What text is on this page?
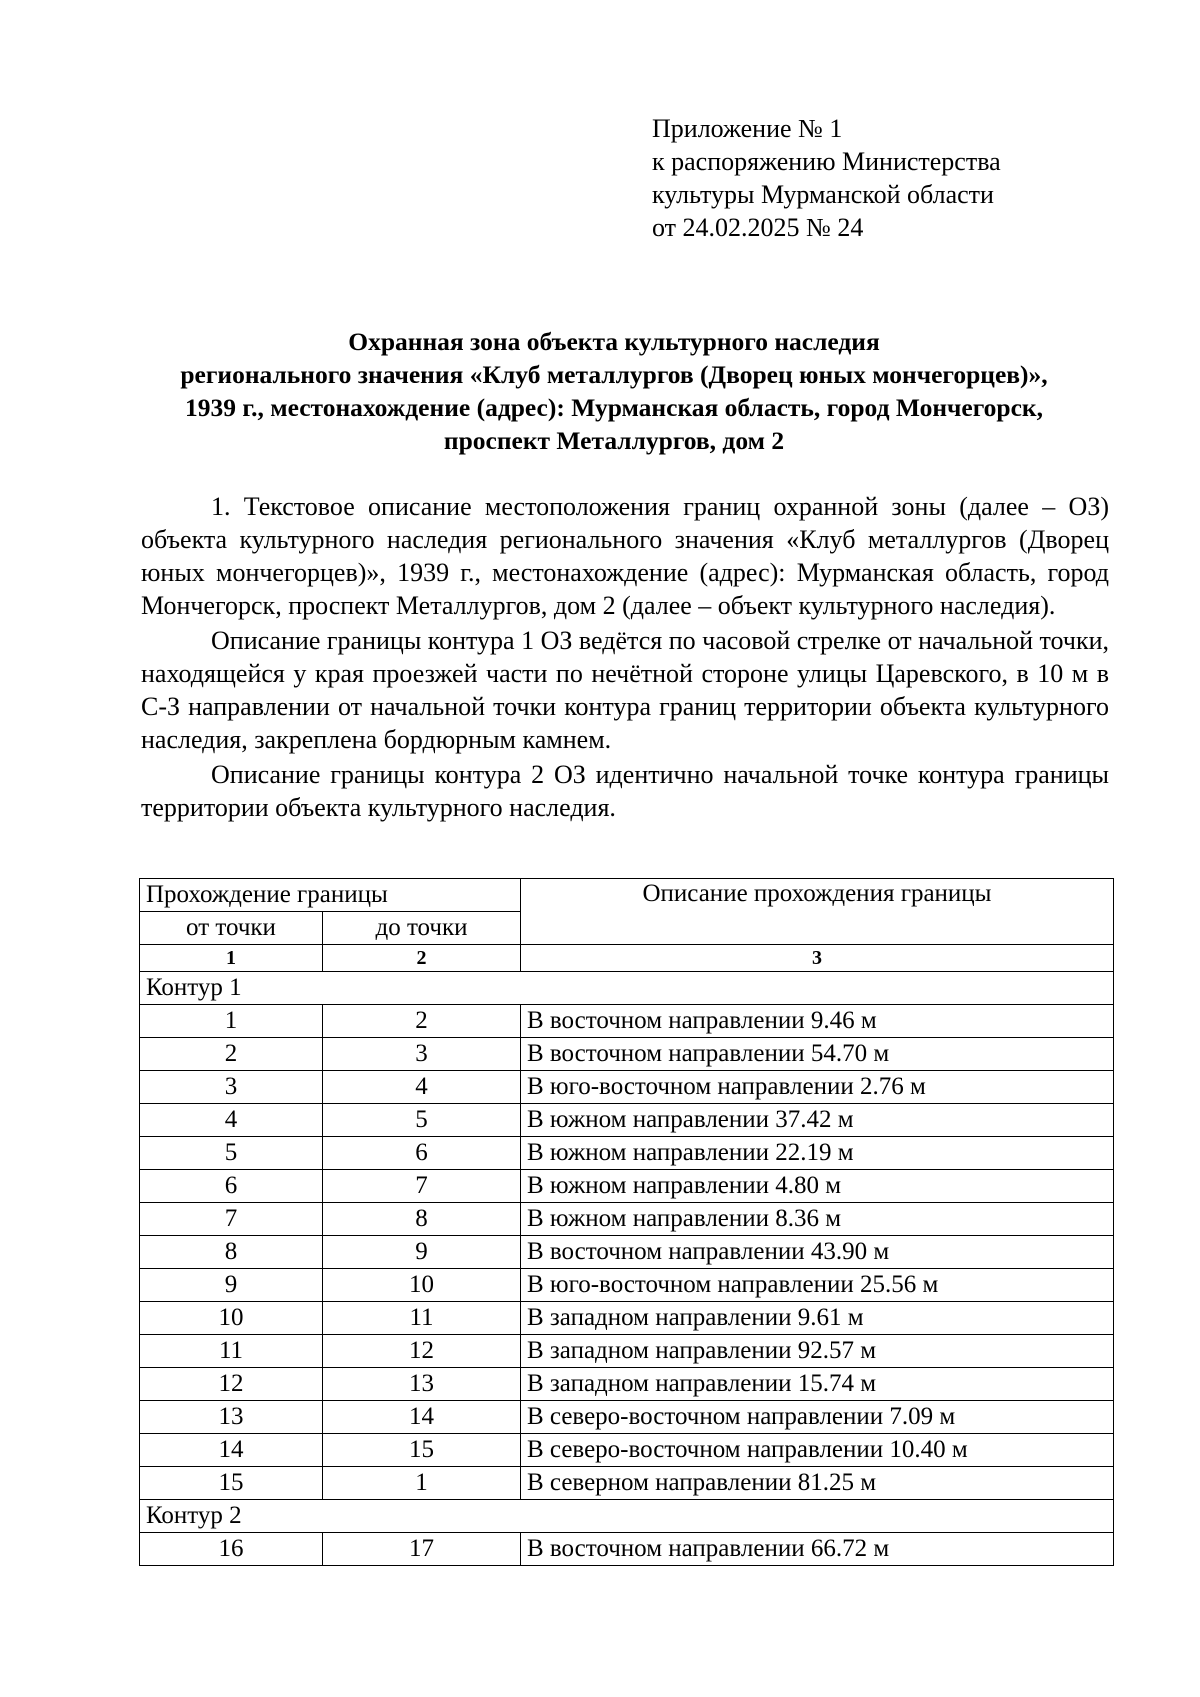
Приложение № 1
к распоряжению Министерства
культуры Мурманской области
от 24.02.2025 № 24
Охранная зона объекта культурного наследия
регионального значения «Клуб металлургов (Дворец юных мончегорцев)»,
1939 г., местонахождение (адрес): Мурманская область, город Мончегорск,
проспект Металлургов, дом 2

1. Текстовое описание местоположения границ охранной зоны (далее – ОЗ) объекта культурного наследия регионального значения «Клуб металлургов (Дворец юных мончегорцев)», 1939 г., местонахождение (адрес): Мурманская область, город Мончегорск, проспект Металлургов, дом 2 (далее – объект культурного наследия).

Описание границы контура 1 ОЗ ведётся по часовой стрелке от начальной точки, находящейся у края проезжей части по нечётной стороне улицы Царевского, в 10 м в С-З направлении от начальной точки контура границ территории объекта культурного наследия, закреплена бордюрным камнем.

Описание границы контура 2 ОЗ идентично начальной точке контура границы территории объекта культурного наследия.

Прохождение границы		Описание прохождения границы
от точки	до точки	
1	2	3
Контур 1		
1	2	В восточном направлении 9.46 м
2	3	В восточном направлении 54.70 м
3	4	В юго-восточном направлении 2.76 м
4	5	В южном направлении 37.42 м
5	6	В южном направлении 22.19 м
6	7	В южном направлении 4.80 м
7	8	В южном направлении 8.36 м
8	9	В восточном направлении 43.90 м
9	10	В юго-восточном направлении 25.56 м
10	11	В западном направлении 9.61 м
11	12	В западном направлении 92.57 м
12	13	В западном направлении 15.74 м
13	14	В северо-восточном направлении 7.09 м
14	15	В северо-восточном направлении 10.40 м
15	1	В северном направлении 81.25 м
Контур 2		
16	17	В восточном направлении 66.72 м
